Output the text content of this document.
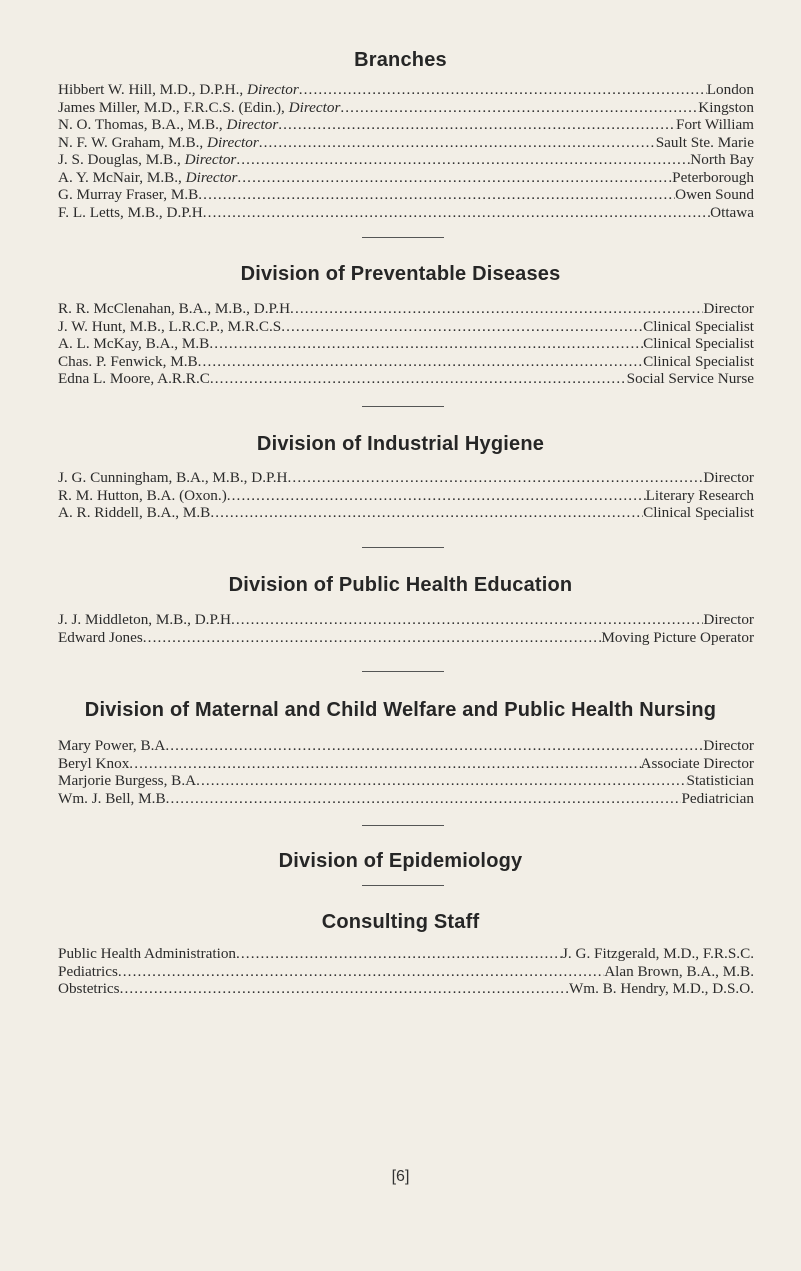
Branches
Hibbert W. Hill, M.D., D.P.H., Director .....	London
James Miller, M.D., F.R.C.S. (Edin.), Director .....	Kingston
N. O. Thomas, B.A., M.B., Director .....	Fort William
N. F. W. Graham, M.B., Director .....	Sault Ste. Marie
J. S. Douglas, M.B., Director .....	North Bay
A. Y. McNair, M.B., Director .....	Peterborough
G. Murray Fraser, M.B .....	Owen Sound
F. L. Letts, M.B., D.P.H .....	Ottawa
Division of Preventable Diseases
R. R. McClenahan, B.A., M.B., D.P.H .....	Director
J. W. Hunt, M.B., L.R.C.P., M.R.C.S .....	Clinical Specialist
A. L. McKay, B.A., M.B .....	Clinical Specialist
Chas. P. Fenwick, M.B .....	Clinical Specialist
Edna L. Moore, A.R.R.C .....	Social Service Nurse
Division of Industrial Hygiene
J. G. Cunningham, B.A., M.B., D.P.H .....	Director
R. M. Hutton, B.A. (Oxon.) .....	Literary Research
A. R. Riddell, B.A., M.B .....	Clinical Specialist
Division of Public Health Education
J. J. Middleton, M.B., D.P.H .....	Director
Edward Jones .....	Moving Picture Operator
Division of Maternal and Child Welfare and Public Health Nursing
Mary Power, B.A .....	Director
Beryl Knox .....	Associate Director
Marjorie Burgess, B.A .....	Statistician
Wm. J. Bell, M.B .....	Pediatrician
Division of Epidemiology
Consulting Staff
Public Health Administration .....	J. G. Fitzgerald, M.D., F.R.S.C.
Pediatrics .....	Alan Brown, B.A., M.B.
Obstetrics .....	Wm. B. Hendry, M.D., D.S.O.
[6]
